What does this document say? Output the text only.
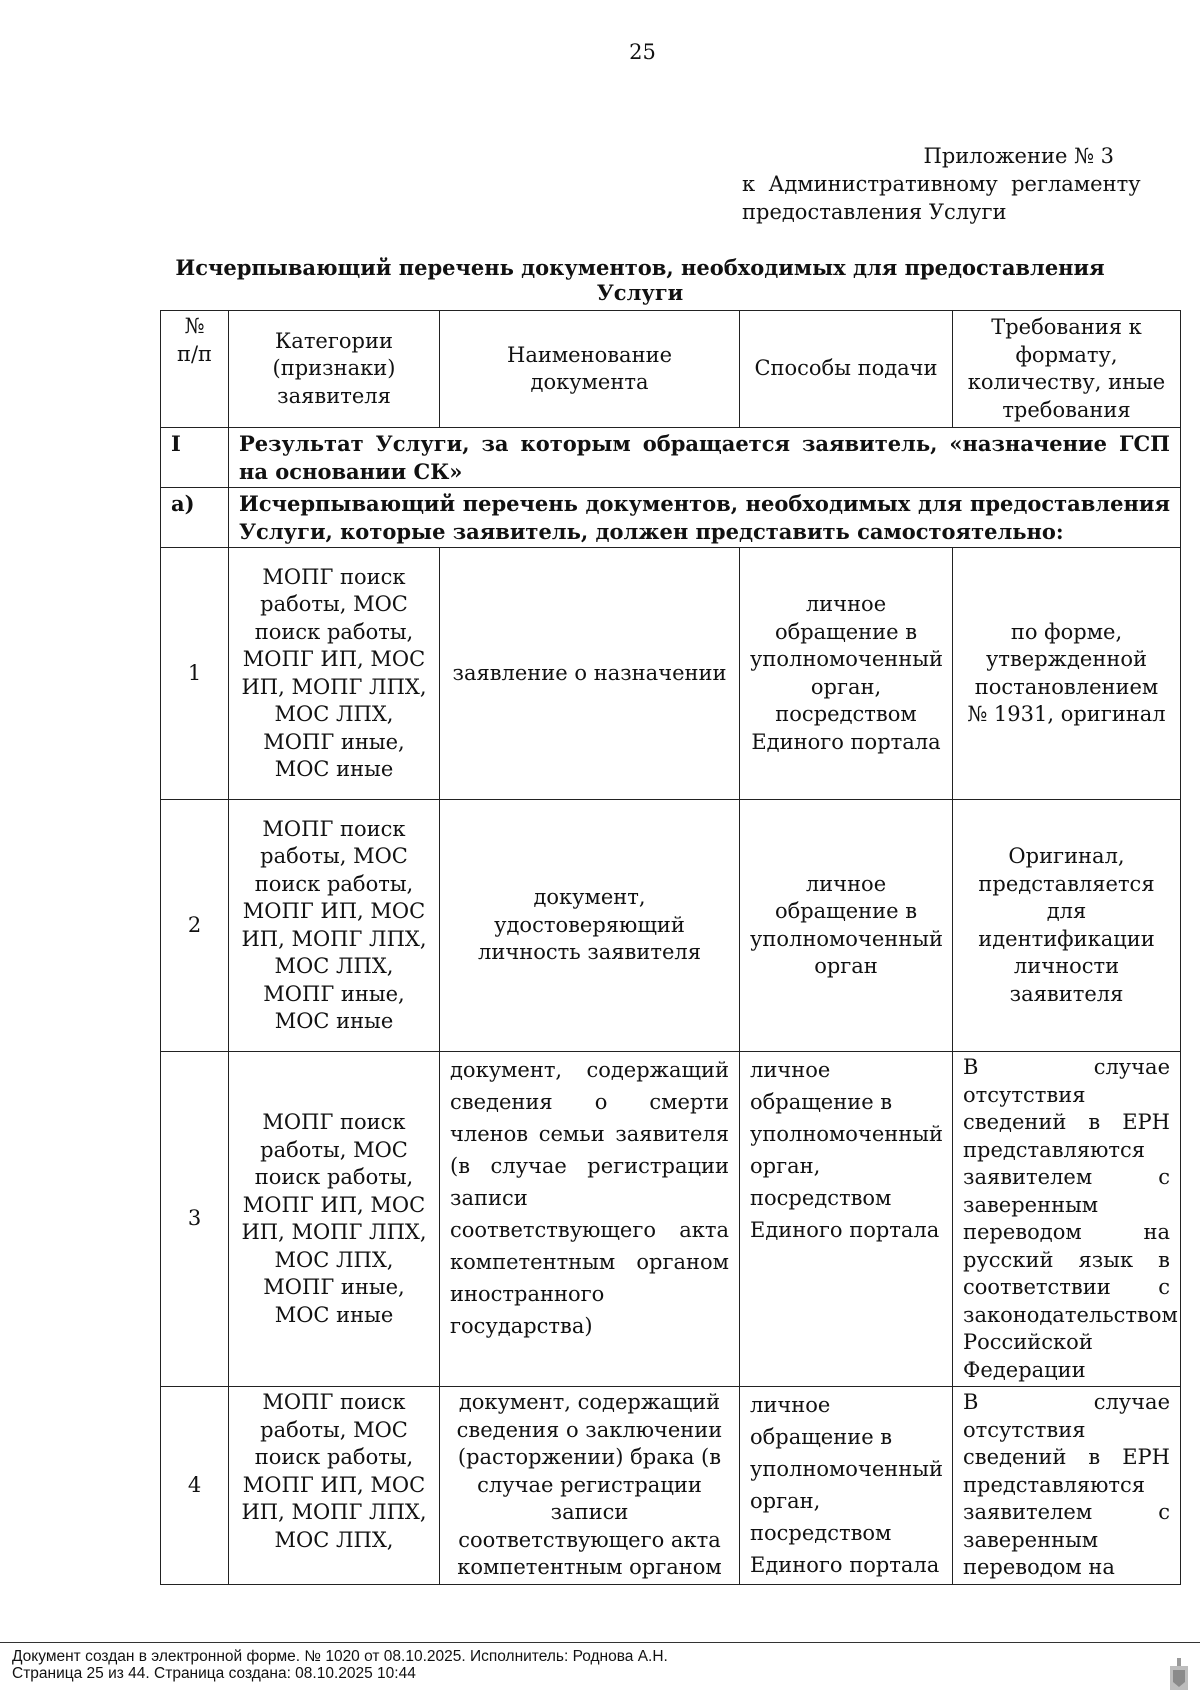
25
Приложение № 3
к  Административному  регламенту
предоставления Услуги
Исчерпывающий перечень документов, необходимых для предоставления Услуги
№ п/п	Категории (признаки) заявителя	Наименование документа	Способы подачи	Требования к формату, количеству, иные требования
I	Результат Услуги, за которым обращается заявитель, «назначение ГСП на основании СК»			
а)	Исчерпывающий перечень документов, необходимых для предоставления Услуги, которые заявитель, должен представить самостоятельно:			
1	МОПГ поиск работы, МОС поиск работы, МОПГ ИП, МОС ИП, МОПГ ЛПХ, МОС ЛПХ, МОПГ иные, МОС иные	заявление о назначении	личное обращение в уполномоченный орган, посредством Единого портала	по форме, утвержденной постановлением № 1931, оригинал
2	МОПГ поиск работы, МОС поиск работы, МОПГ ИП, МОС ИП, МОПГ ЛПХ, МОС ЛПХ, МОПГ иные, МОС иные	документ, удостоверяющий личность заявителя	личное обращение в уполномоченный орган	Оригинал, представляется для идентификации личности заявителя
3	МОПГ поиск работы, МОС поиск работы, МОПГ ИП, МОС ИП, МОПГ ЛПХ, МОС ЛПХ, МОПГ иные, МОС иные	документ, содержащий сведения о смерти членов семьи заявителя (в случае регистрации записи соответствующего акта компетентным органом иностранного государства)	личное обращение в уполномоченный орган, посредством Единого портала	В случае отсутствия сведений в ЕРН представляются заявителем с заверенным переводом на русский язык в соответствии с законодательством Российской Федерации
4	МОПГ поиск работы, МОС поиск работы, МОПГ ИП, МОС ИП, МОПГ ЛПХ, МОС ЛПХ,	документ, содержащий сведения о заключении (расторжении) брака (в случае регистрации записи соответствующего акта компетентным органом	личное обращение в уполномоченный орган, посредством Единого портала	В случае отсутствия сведений в ЕРН представляются заявителем с заверенным переводом на
Документ создан в электронной форме. № 1020 от 08.10.2025. Исполнитель: Роднова А.Н.
Страница 25 из 44. Страница создана: 08.10.2025 10:44
